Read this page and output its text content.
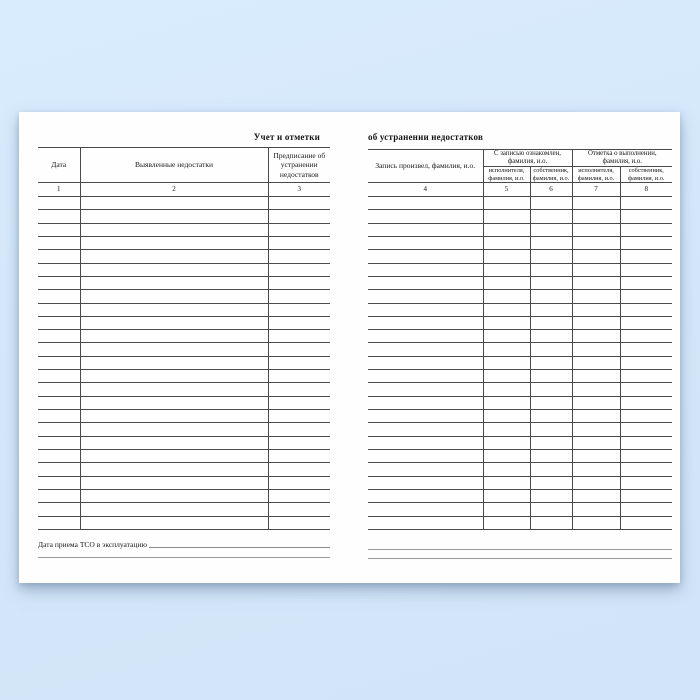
Учет и отметки	об устранении недостатков
Дата	Выявленные недостатки	Предписание об устранении недостатков
1	2	3

Запись произвел, фамилия, и.о.	С записью ознакомлен, фамилия, и.о.		Отметка о выполнении, фамилия, и.о.	
	исполнителя, фамилия, и.о.	собственник, фамилия, и.о.	исполнителя, фамилия, и.о.	собственник, фамилия, и.о.
4	5	6	7	8

Дата приема ТСО в эксплуатацию
